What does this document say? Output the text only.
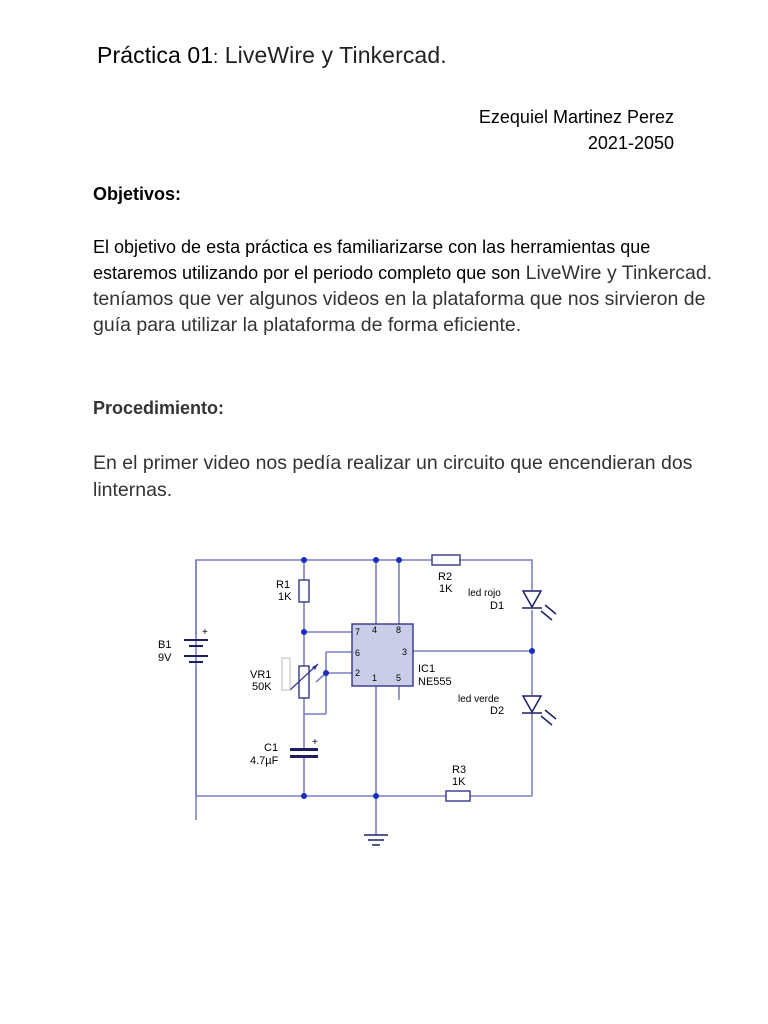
Práctica 01: LiveWire y Tinkercad.
Ezequiel Martinez Perez
2021-2050
Objetivos:
El objetivo de esta práctica es familiarizarse con las herramientas que estaremos utilizando por el periodo completo que son LiveWire y Tinkercad. teníamos que ver algunos videos en la plataforma que nos sirvieron de guía para utilizar la plataforma de forma eficiente.
Procedimiento:
En el primer video nos pedía realizar un circuito que encendieran dos linternas.
R1
1K
R2
1K led rojo
D1
B1
9V
+
VR1
50K
7 4 8
6	3
2 1 5
IC1
NE555
led verde
D2
+
C1
4.7µF
R3
1K
